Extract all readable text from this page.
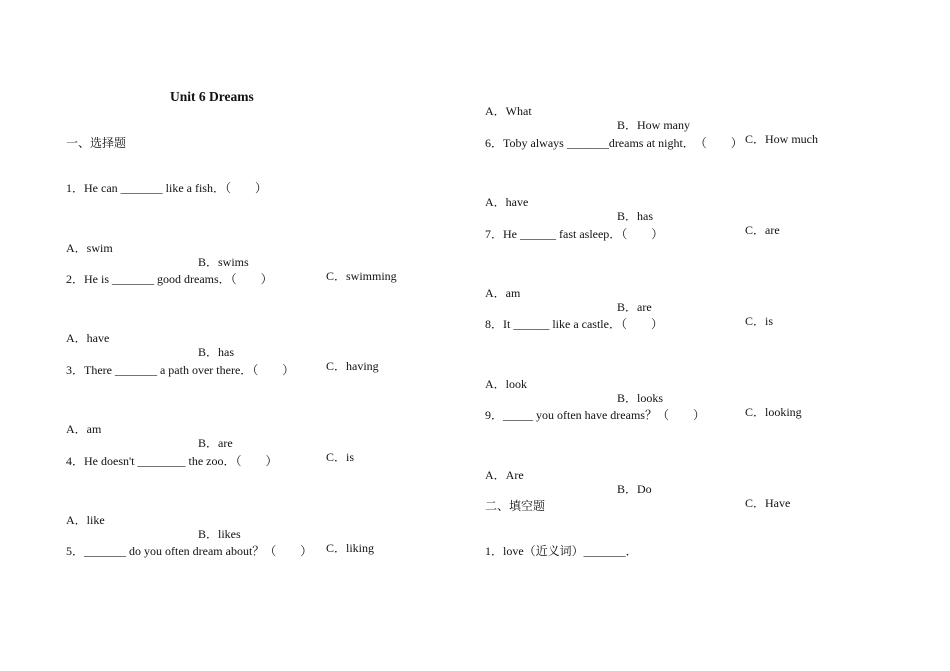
Unit 6 Dreams
一、选择题
1．He can _______ like a fish．（　　）

A．swim

B．swims

C．swimming

2．He is _______ good dreams．（　　）

A．have

B．has

C．having

3．There _______ a path over there．（　　）

A．am

B．are

C．is

4．He doesn't ________ the zoo．（　　）

A．like

B．likes

C．liking

5．_______ do you often dream about？（　　）

A．What

B．How many

C．How much

6．Toby always _______dreams at night．　（　　）

A．have

B．has

C．are

7．He ______ fast asleep．（　　）

A．am

B．are

C．is

8．It ______ like a castle．（　　）

A．look

B．looks

C．looking

9．_____ you often have dreams？（　　）

A．Are

B．Do

C．Have

二、填空题
1．love（近义词）_______．
